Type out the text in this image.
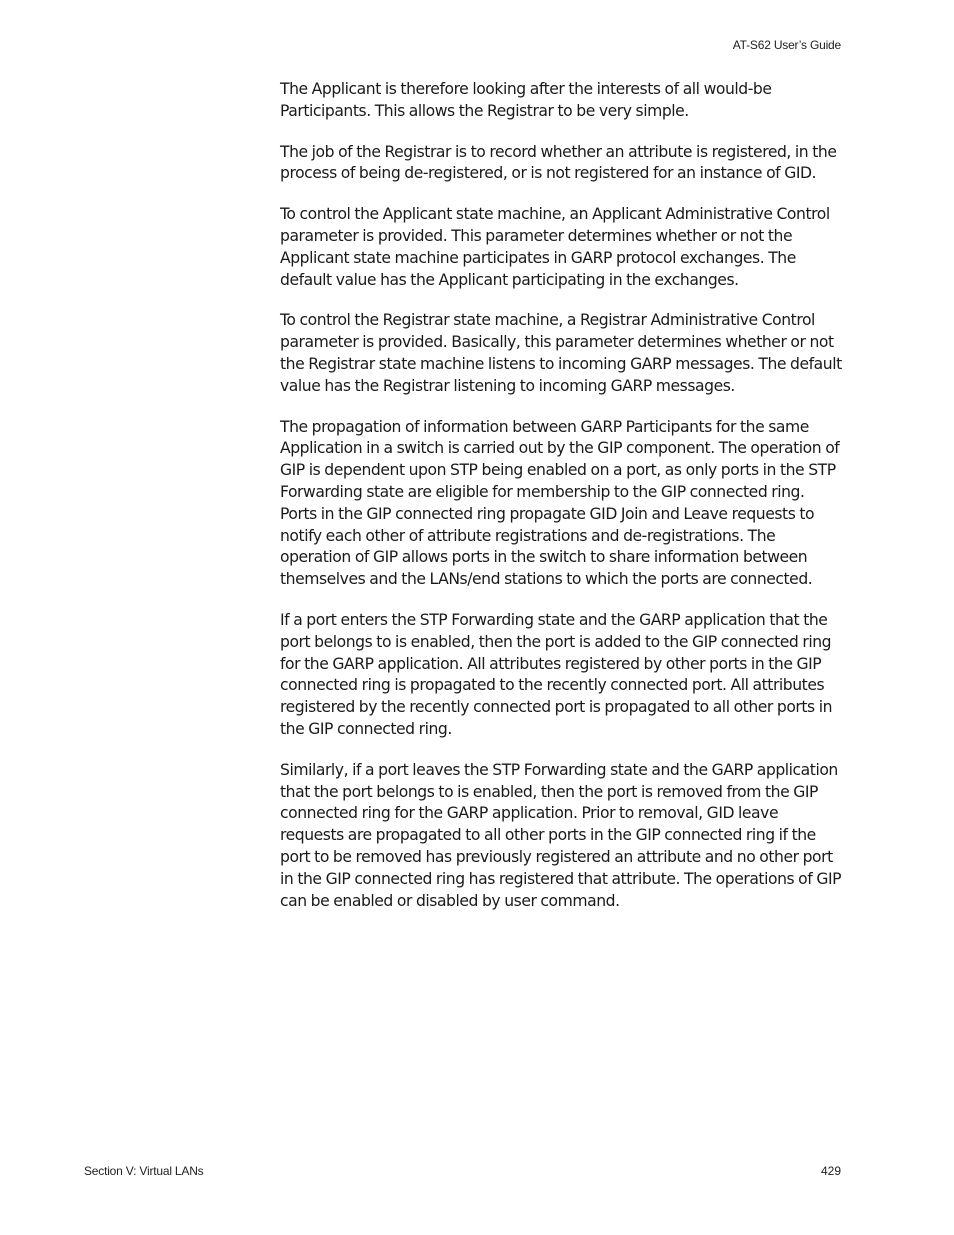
AT-S62 User’s Guide

The Applicant is therefore looking after the interests of all would-be Participants. This allows the Registrar to be very simple.

The job of the Registrar is to record whether an attribute is registered, in the process of being de-registered, or is not registered for an instance of GID.

To control the Applicant state machine, an Applicant Administrative Control parameter is provided. This parameter determines whether or not the Applicant state machine participates in GARP protocol exchanges. The default value has the Applicant participating in the exchanges.

To control the Registrar state machine, a Registrar Administrative Control parameter is provided. Basically, this parameter determines whether or not the Registrar state machine listens to incoming GARP messages. The default value has the Registrar listening to incoming GARP messages.

The propagation of information between GARP Participants for the same Application in a switch is carried out by the GIP component. The operation of GIP is dependent upon STP being enabled on a port, as only ports in the STP Forwarding state are eligible for membership to the GIP connected ring. Ports in the GIP connected ring propagate GID Join and Leave requests to notify each other of attribute registrations and de-registrations. The operation of GIP allows ports in the switch to share information between themselves and the LANs/end stations to which the ports are connected.

If a port enters the STP Forwarding state and the GARP application that the port belongs to is enabled, then the port is added to the GIP connected ring for the GARP application. All attributes registered by other ports in the GIP connected ring is propagated to the recently connected port. All attributes registered by the recently connected port is propagated to all other ports in the GIP connected ring.

Similarly, if a port leaves the STP Forwarding state and the GARP application that the port belongs to is enabled, then the port is removed from the GIP connected ring for the GARP application. Prior to removal, GID leave requests are propagated to all other ports in the GIP connected ring if the port to be removed has previously registered an attribute and no other port in the GIP connected ring has registered that attribute. The operations of GIP can be enabled or disabled by user command.

Section V: Virtual LANs	429
